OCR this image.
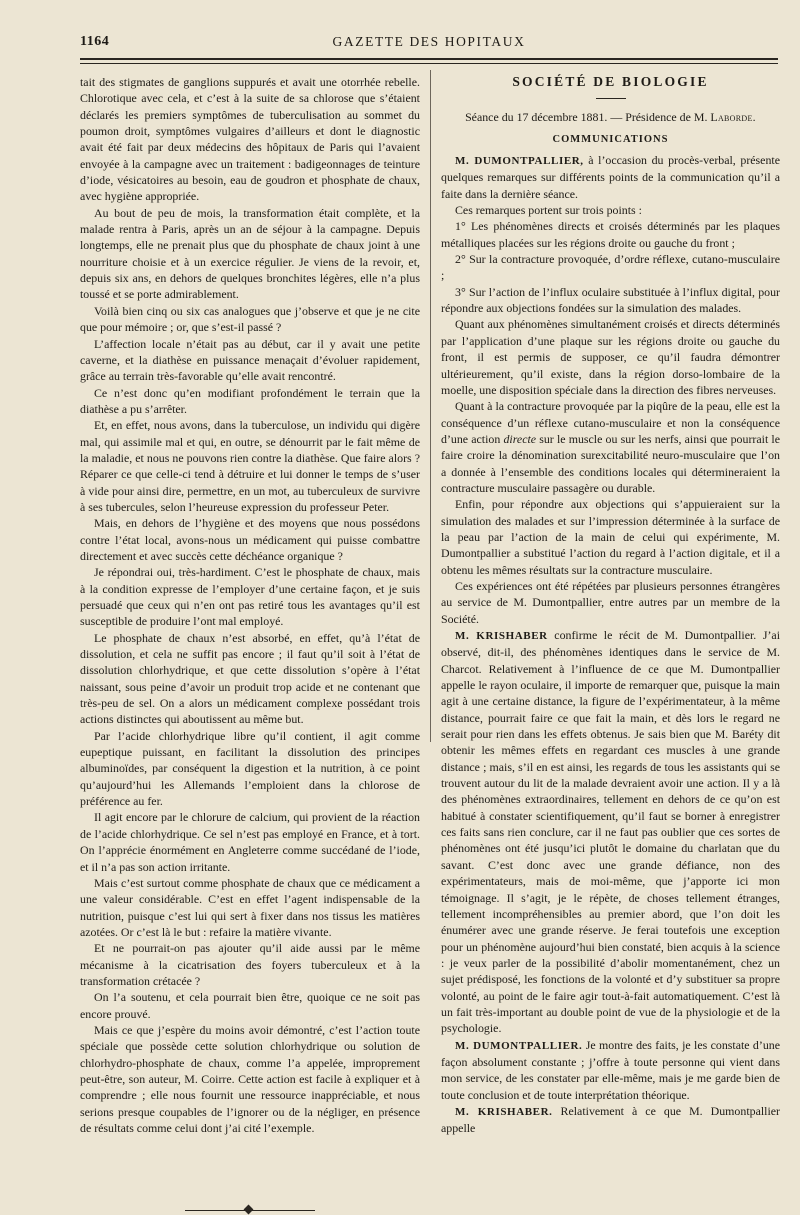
1164	GAZETTE DES HOPITAUX

tait des stigmates de ganglions suppurés et avait une otorrhée rebelle. Chlorotique avec cela, et c’est à la suite de sa chlorose que s’étaient déclarés les premiers symptômes de tuberculisation au sommet du poumon droit, symptômes vulgaires d’ailleurs et dont le diagnostic avait été fait par deux médecins des hôpitaux de Paris qui l’avaient envoyée à la campagne avec un traitement : badigeonnages de teinture d’iode, vésicatoires au besoin, eau de goudron et phosphate de chaux, avec hygiène appropriée.

Au bout de peu de mois, la transformation était complète, et la malade rentra à Paris, après un an de séjour à la campagne. Depuis longtemps, elle ne prenait plus que du phosphate de chaux joint à une nourriture choisie et à un exercice régulier. Je viens de la revoir, et, depuis six ans, en dehors de quelques bronchites légères, elle n’a plus toussé et se porte admirablement.

Voilà bien cinq ou six cas analogues que j’observe et que je ne cite que pour mémoire ; or, que s’est-il passé ?

L’affection locale n’était pas au début, car il y avait une petite caverne, et la diathèse en puissance menaçait d’évoluer rapidement, grâce au terrain très-favorable qu’elle avait rencontré.

Ce n’est donc qu’en modifiant profondément le terrain que la diathèse a pu s’arrêter.

Et, en effet, nous avons, dans la tuberculose, un individu qui digère mal, qui assimile mal et qui, en outre, se dénourrit par le fait même de la maladie, et nous ne pouvons rien contre la diathèse. Que faire alors ? Réparer ce que celle-ci tend à détruire et lui donner le temps de s’user à vide pour ainsi dire, permettre, en un mot, au tuberculeux de survivre à ses tubercules, selon l’heureuse expression du professeur Peter.

Mais, en dehors de l’hygiène et des moyens que nous possédons contre l’état local, avons-nous un médicament qui puisse combattre directement et avec succès cette déchéance organique ?

Je répondrai oui, très-hardiment. C’est le phosphate de chaux, mais à la condition expresse de l’employer d’une certaine façon, et je suis persuadé que ceux qui n’en ont pas retiré tous les avantages qu’il est susceptible de produire l’ont mal employé.

Le phosphate de chaux n’est absorbé, en effet, qu’à l’état de dissolution, et cela ne suffit pas encore ; il faut qu’il soit à l’état de dissolution chlorhydrique, et que cette dissolution s’opère à l’état naissant, sous peine d’avoir un produit trop acide et ne contenant que très-peu de sel. On a alors un médicament complexe possédant trois actions distinctes qui aboutissent au même but.

Par l’acide chlorhydrique libre qu’il contient, il agit comme eupeptique puissant, en facilitant la dissolution des principes albuminoïdes, par conséquent la digestion et la nutrition, à ce point qu’aujourd’hui les Allemands l’emploient dans la chlorose de préférence au fer.

Il agit encore par le chlorure de calcium, qui provient de la réaction de l’acide chlorhydrique. Ce sel n’est pas employé en France, et à tort. On l’apprécie énormément en Angleterre comme succédané de l’iode, et il n’a pas son action irritante.

Mais c’est surtout comme phosphate de chaux que ce médicament a une valeur considérable. C’est en effet l’agent indispensable de la nutrition, puisque c’est lui qui sert à fixer dans nos tissus les matières azotées. Or c’est là le but : refaire la matière vivante.

Et ne pourrait-on pas ajouter qu’il aide aussi par le même mécanisme à la cicatrisation des foyers tuberculeux et à la transformation crétacée ?

On l’a soutenu, et cela pourrait bien être, quoique ce ne soit pas encore prouvé.

Mais ce que j’espère du moins avoir démontré, c’est l’action toute spéciale que possède cette solution chlorhydrique ou solution de chlorhydro-phosphate de chaux, comme l’a appelée, improprement peut-être, son auteur, M. Coirre. Cette action est facile à expliquer et à comprendre ; elle nous fournit une ressource inappréciable, et nous serions presque coupables de l’ignorer ou de la négliger, en présence de résultats comme celui dont j’ai cité l’exemple.

SOCIÉTÉ DE BIOLOGIE

Séance du 17 décembre 1881. — Présidence de M. Laborde.

COMMUNICATIONS

M. DUMONTPALLIER, à l’occasion du procès-verbal, présente quelques remarques sur différents points de la communication qu’il a faite dans la dernière séance.

Ces remarques portent sur trois points :

1° Les phénomènes directs et croisés déterminés par les plaques métalliques placées sur les régions droite ou gauche du front ;

2° Sur la contracture provoquée, d’ordre réflexe, cutano-musculaire ;

3° Sur l’action de l’influx oculaire substituée à l’influx digital, pour répondre aux objections fondées sur la simulation des malades.

Quant aux phénomènes simultanément croisés et directs déterminés par l’application d’une plaque sur les régions droite ou gauche du front, il est permis de supposer, ce qu’il faudra démontrer ultérieurement, qu’il existe, dans la région dorso-lombaire de la moelle, une disposition spéciale dans la direction des fibres nerveuses.

Quant à la contracture provoquée par la piqûre de la peau, elle est la conséquence d’un réflexe cutano-musculaire et non la conséquence d’une action directe sur le muscle ou sur les nerfs, ainsi que pourrait le faire croire la dénomination surexcitabilité neuro-musculaire que l’on a donnée à l’ensemble des conditions locales qui détermineraient la contracture musculaire passagère ou durable.

Enfin, pour répondre aux objections qui s’appuieraient sur la simulation des malades et sur l’impression déterminée à la surface de la peau par l’action de la main de celui qui expérimente, M. Dumontpallier a substitué l’action du regard à l’action digitale, et il a obtenu les mêmes résultats sur la contracture musculaire.

Ces expériences ont été répétées par plusieurs personnes étrangères au service de M. Dumontpallier, entre autres par un membre de la Société.

M. KRISHABER confirme le récit de M. Dumontpallier. J’ai observé, dit-il, des phénomènes identiques dans le service de M. Charcot. Relativement à l’influence de ce que M. Dumontpallier appelle le rayon oculaire, il importe de remarquer que, puisque la main agit à une certaine distance, la figure de l’expérimentateur, à la même distance, pourrait faire ce que fait la main, et dès lors le regard ne serait pour rien dans les effets obtenus. Je sais bien que M. Baréty dit obtenir les mêmes effets en regardant ces muscles à une grande distance ; mais, s’il en est ainsi, les regards de tous les assistants qui se trouvent autour du lit de la malade devraient avoir une action. Il y a là des phénomènes extraordinaires, tellement en dehors de ce qu’on est habitué à constater scientifiquement, qu’il faut se borner à enregistrer ces faits sans rien conclure, car il ne faut pas oublier que ces sortes de phénomènes ont été jusqu’ici plutôt le domaine du charlatan que du savant. C’est donc avec une grande défiance, non des expérimentateurs, mais de moi-même, que j’apporte ici mon témoignage. Il s’agit, je le répète, de choses tellement étranges, tellement incompréhensibles au premier abord, que l’on doit les énumérer avec une grande réserve. Je ferai toutefois une exception pour un phénomène aujourd’hui bien constaté, bien acquis à la science : je veux parler de la possibilité d’abolir momentanément, chez un sujet prédisposé, les fonctions de la volonté et d’y substituer sa propre volonté, au point de le faire agir tout-à-fait automatiquement. C’est là un fait très-important au double point de vue de la physiologie et de la psychologie.

M. DUMONTPALLIER. Je montre des faits, je les constate d’une façon absolument constante ; j’offre à toute personne qui vient dans mon service, de les constater par elle-même, mais je me garde bien de toute conclusion et de toute interprétation théorique.

M. KRISHABER. Relativement à ce que M. Dumontpallier appelle
